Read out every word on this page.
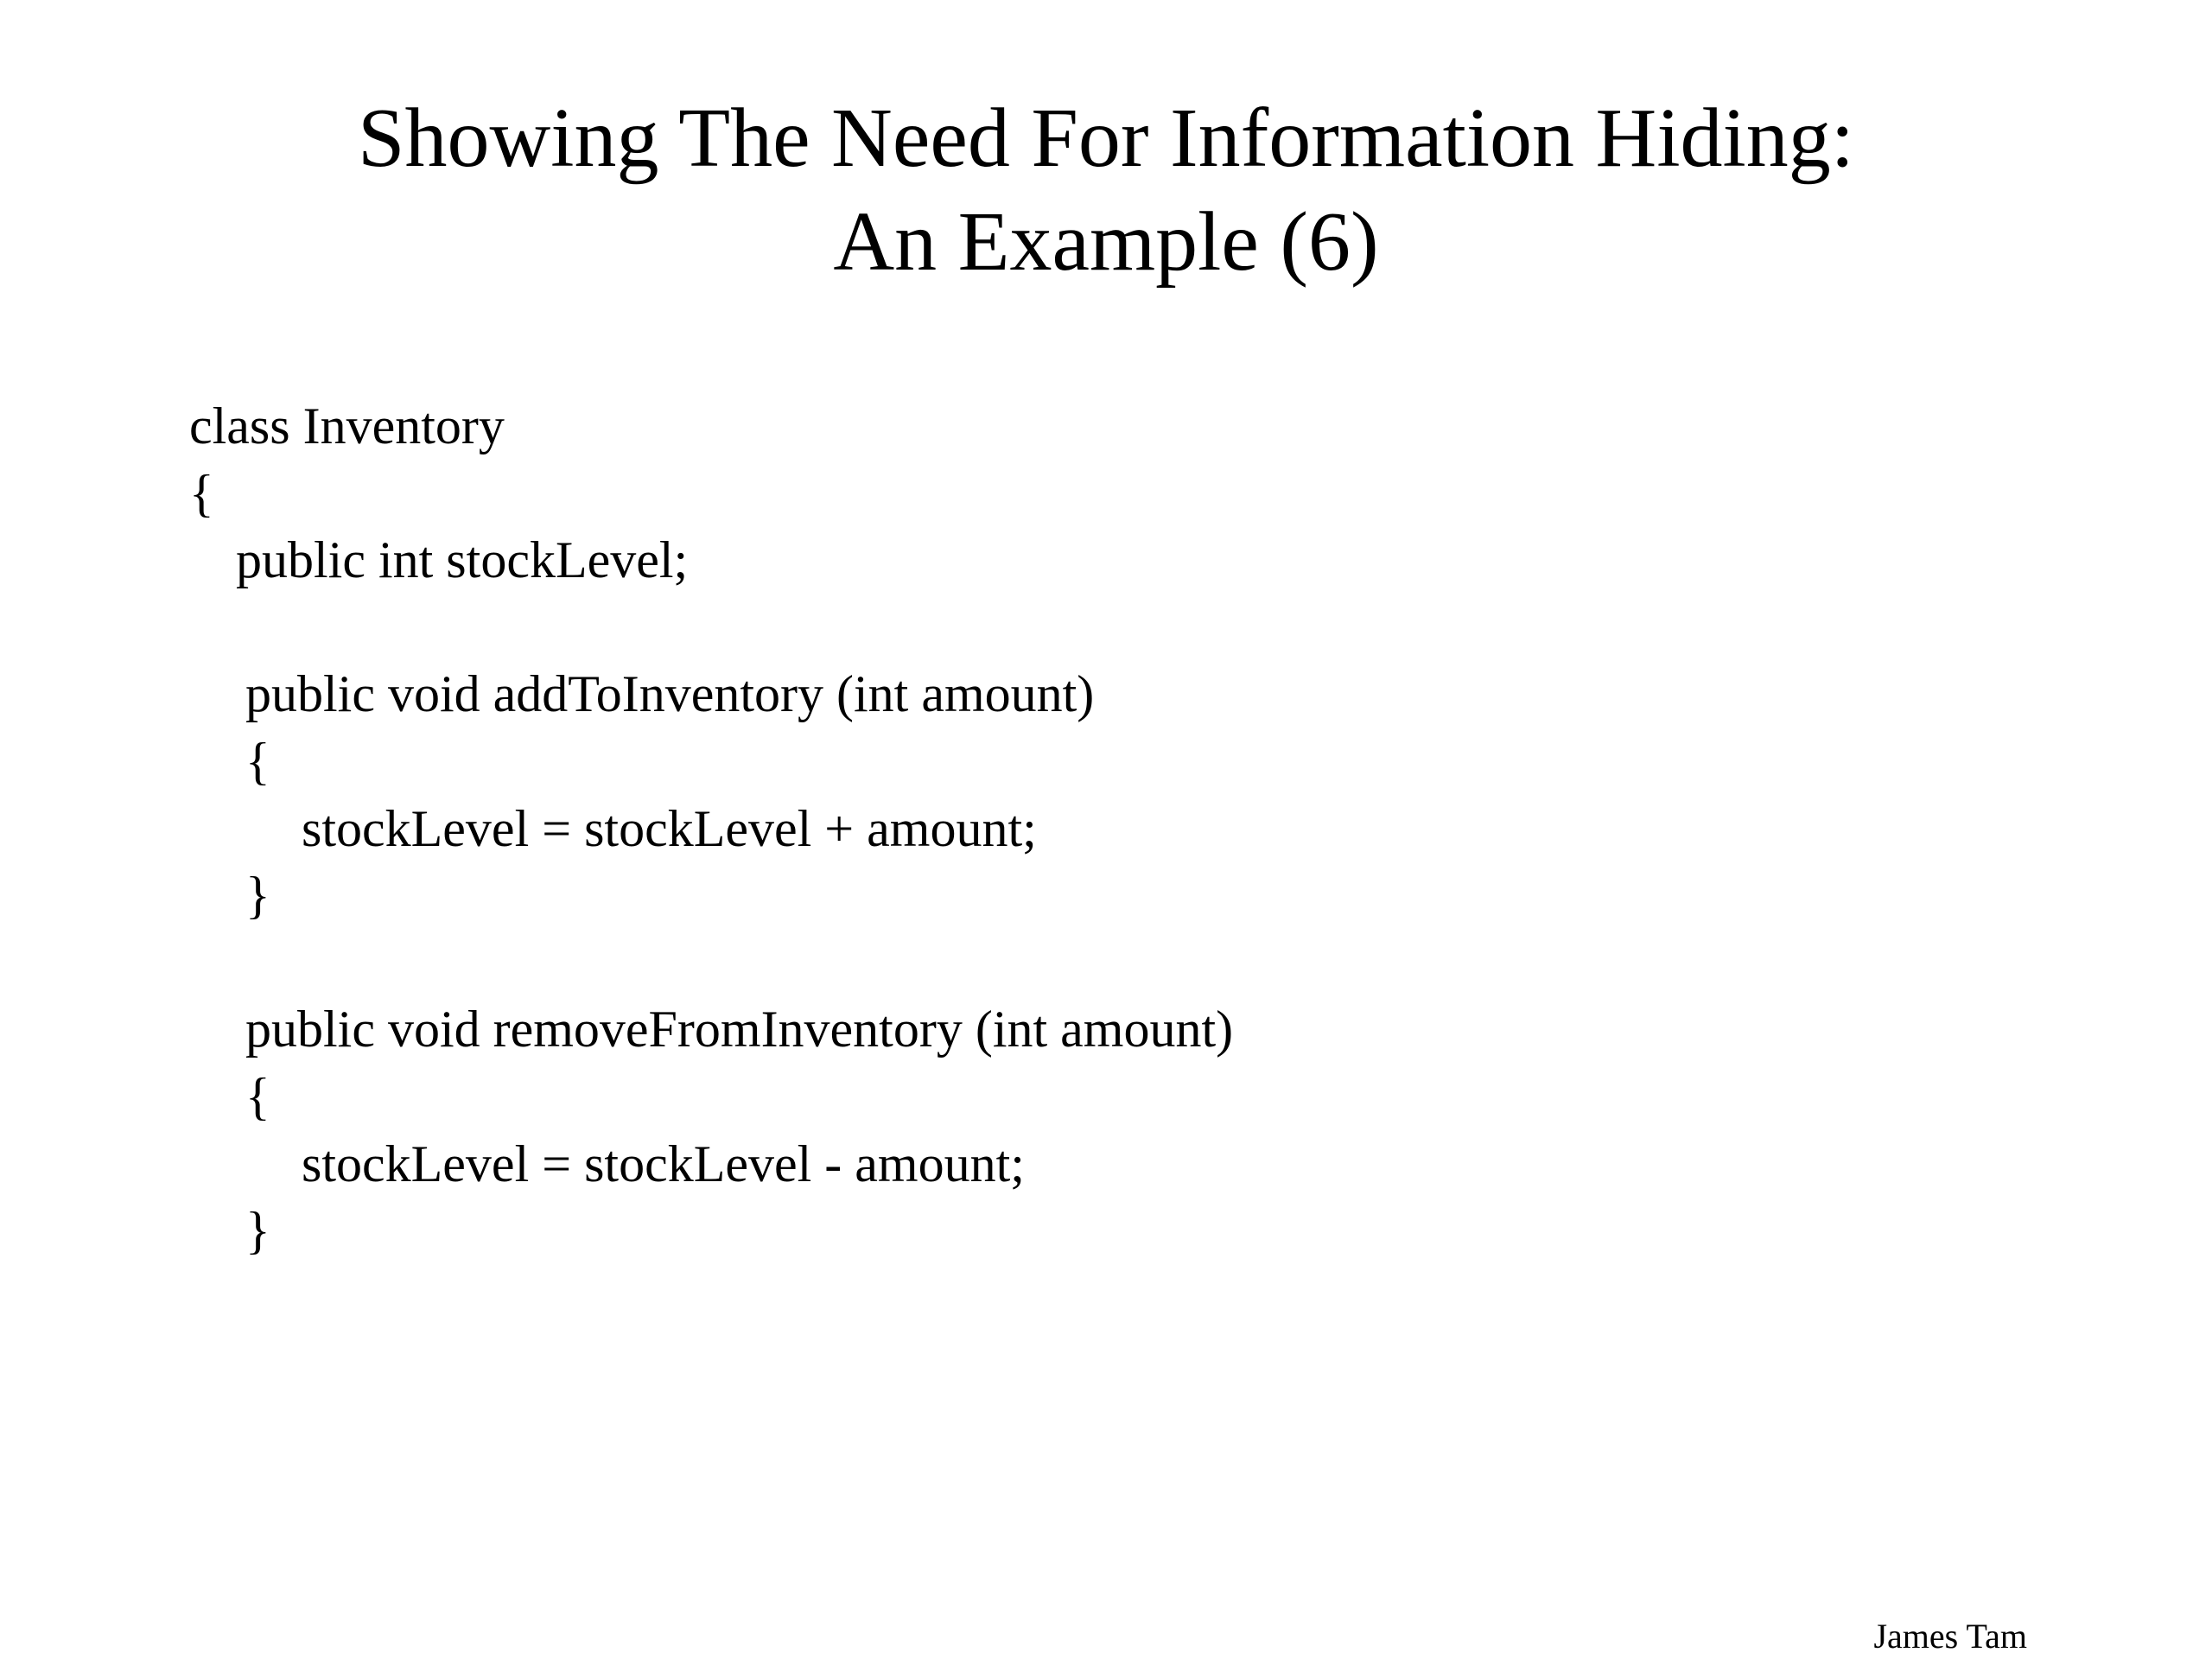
Showing The Need For Information Hiding:
An Example (6)
class Inventory
{
public int stockLevel;
public void addToInventory (int amount)
{
stockLevel = stockLevel + amount;
}
public void removeFromInventory (int amount)
{
stockLevel = stockLevel - amount;
}
James Tam
